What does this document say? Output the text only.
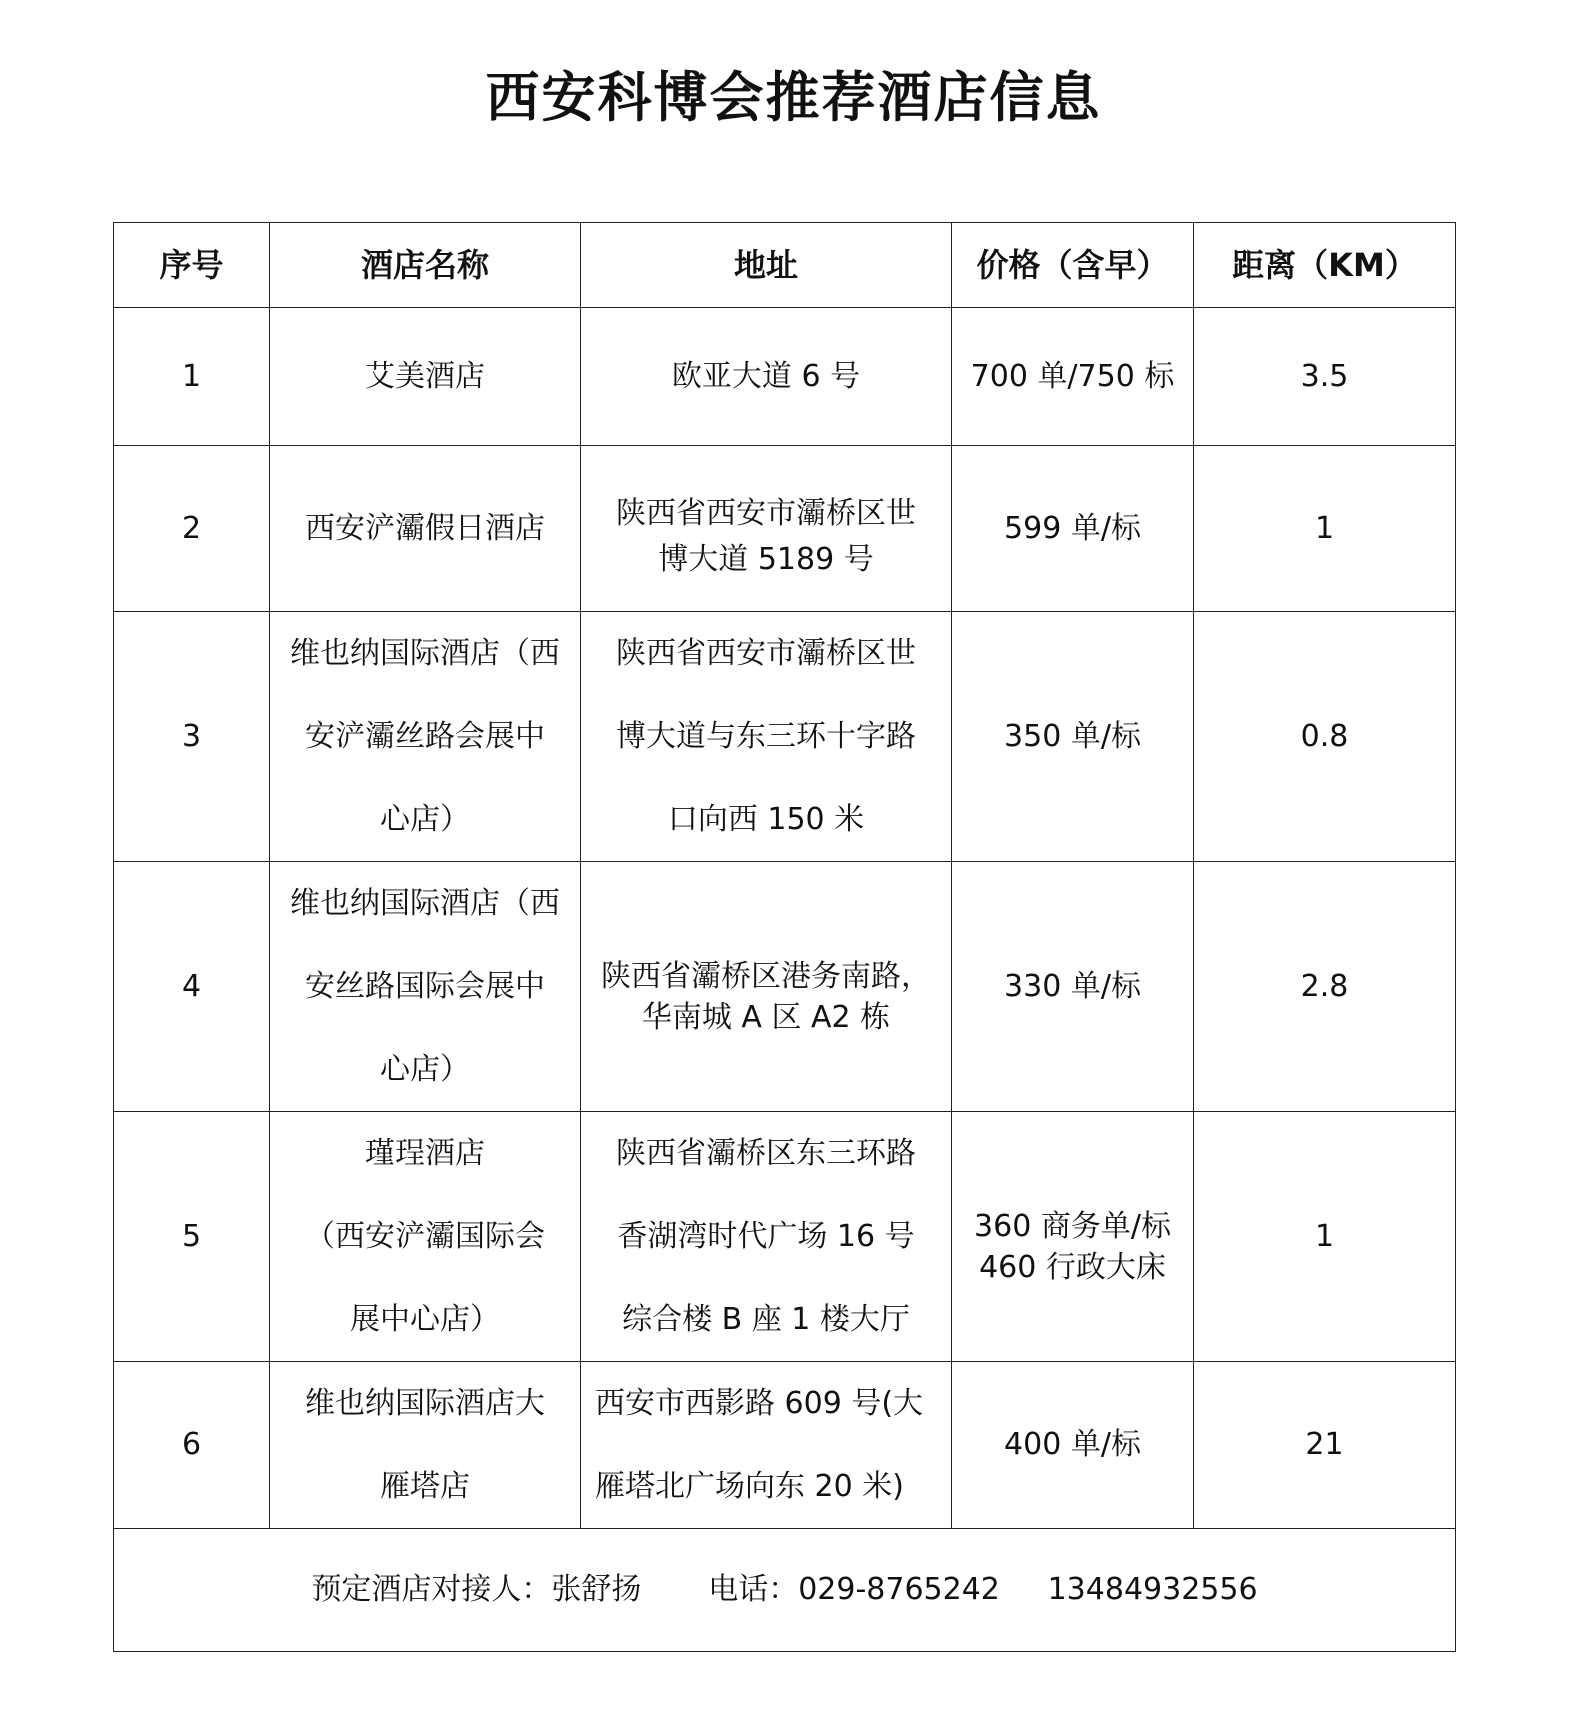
西安科博会推荐酒店信息
序号	酒店名称	地址	价格（含早）	距离（KM）
1	艾美酒店	欧亚大道 6 号	700 单/750 标	3.5
2	西安浐灞假日酒店	陕西省西安市灞桥区世
博大道 5189 号	599 单/标	1
3	维也纳国际酒店（西
安浐灞丝路会展中
心店）	陕西省西安市灞桥区世
博大道与东三环十字路
口向西 150 米	350 单/标	0.8
4	维也纳国际酒店（西
安丝路国际会展中
心店）	陕西省灞桥区港务南路，
华南城 A 区 A2 栋	330 单/标	2.8
5	瑾珵酒店
（西安浐灞国际会
展中心店）	陕西省灞桥区东三环路
香湖湾时代广场 16 号
综合楼 B 座 1 楼大厅	360 商务单/标
460 行政大床	1
6	维也纳国际酒店大
雁塔店	西安市西影路 609 号(大
雁塔北广场向东 20 米)	400 单/标	21
预定酒店对接人：张舒扬 电话：029-8765242 13484932556				
